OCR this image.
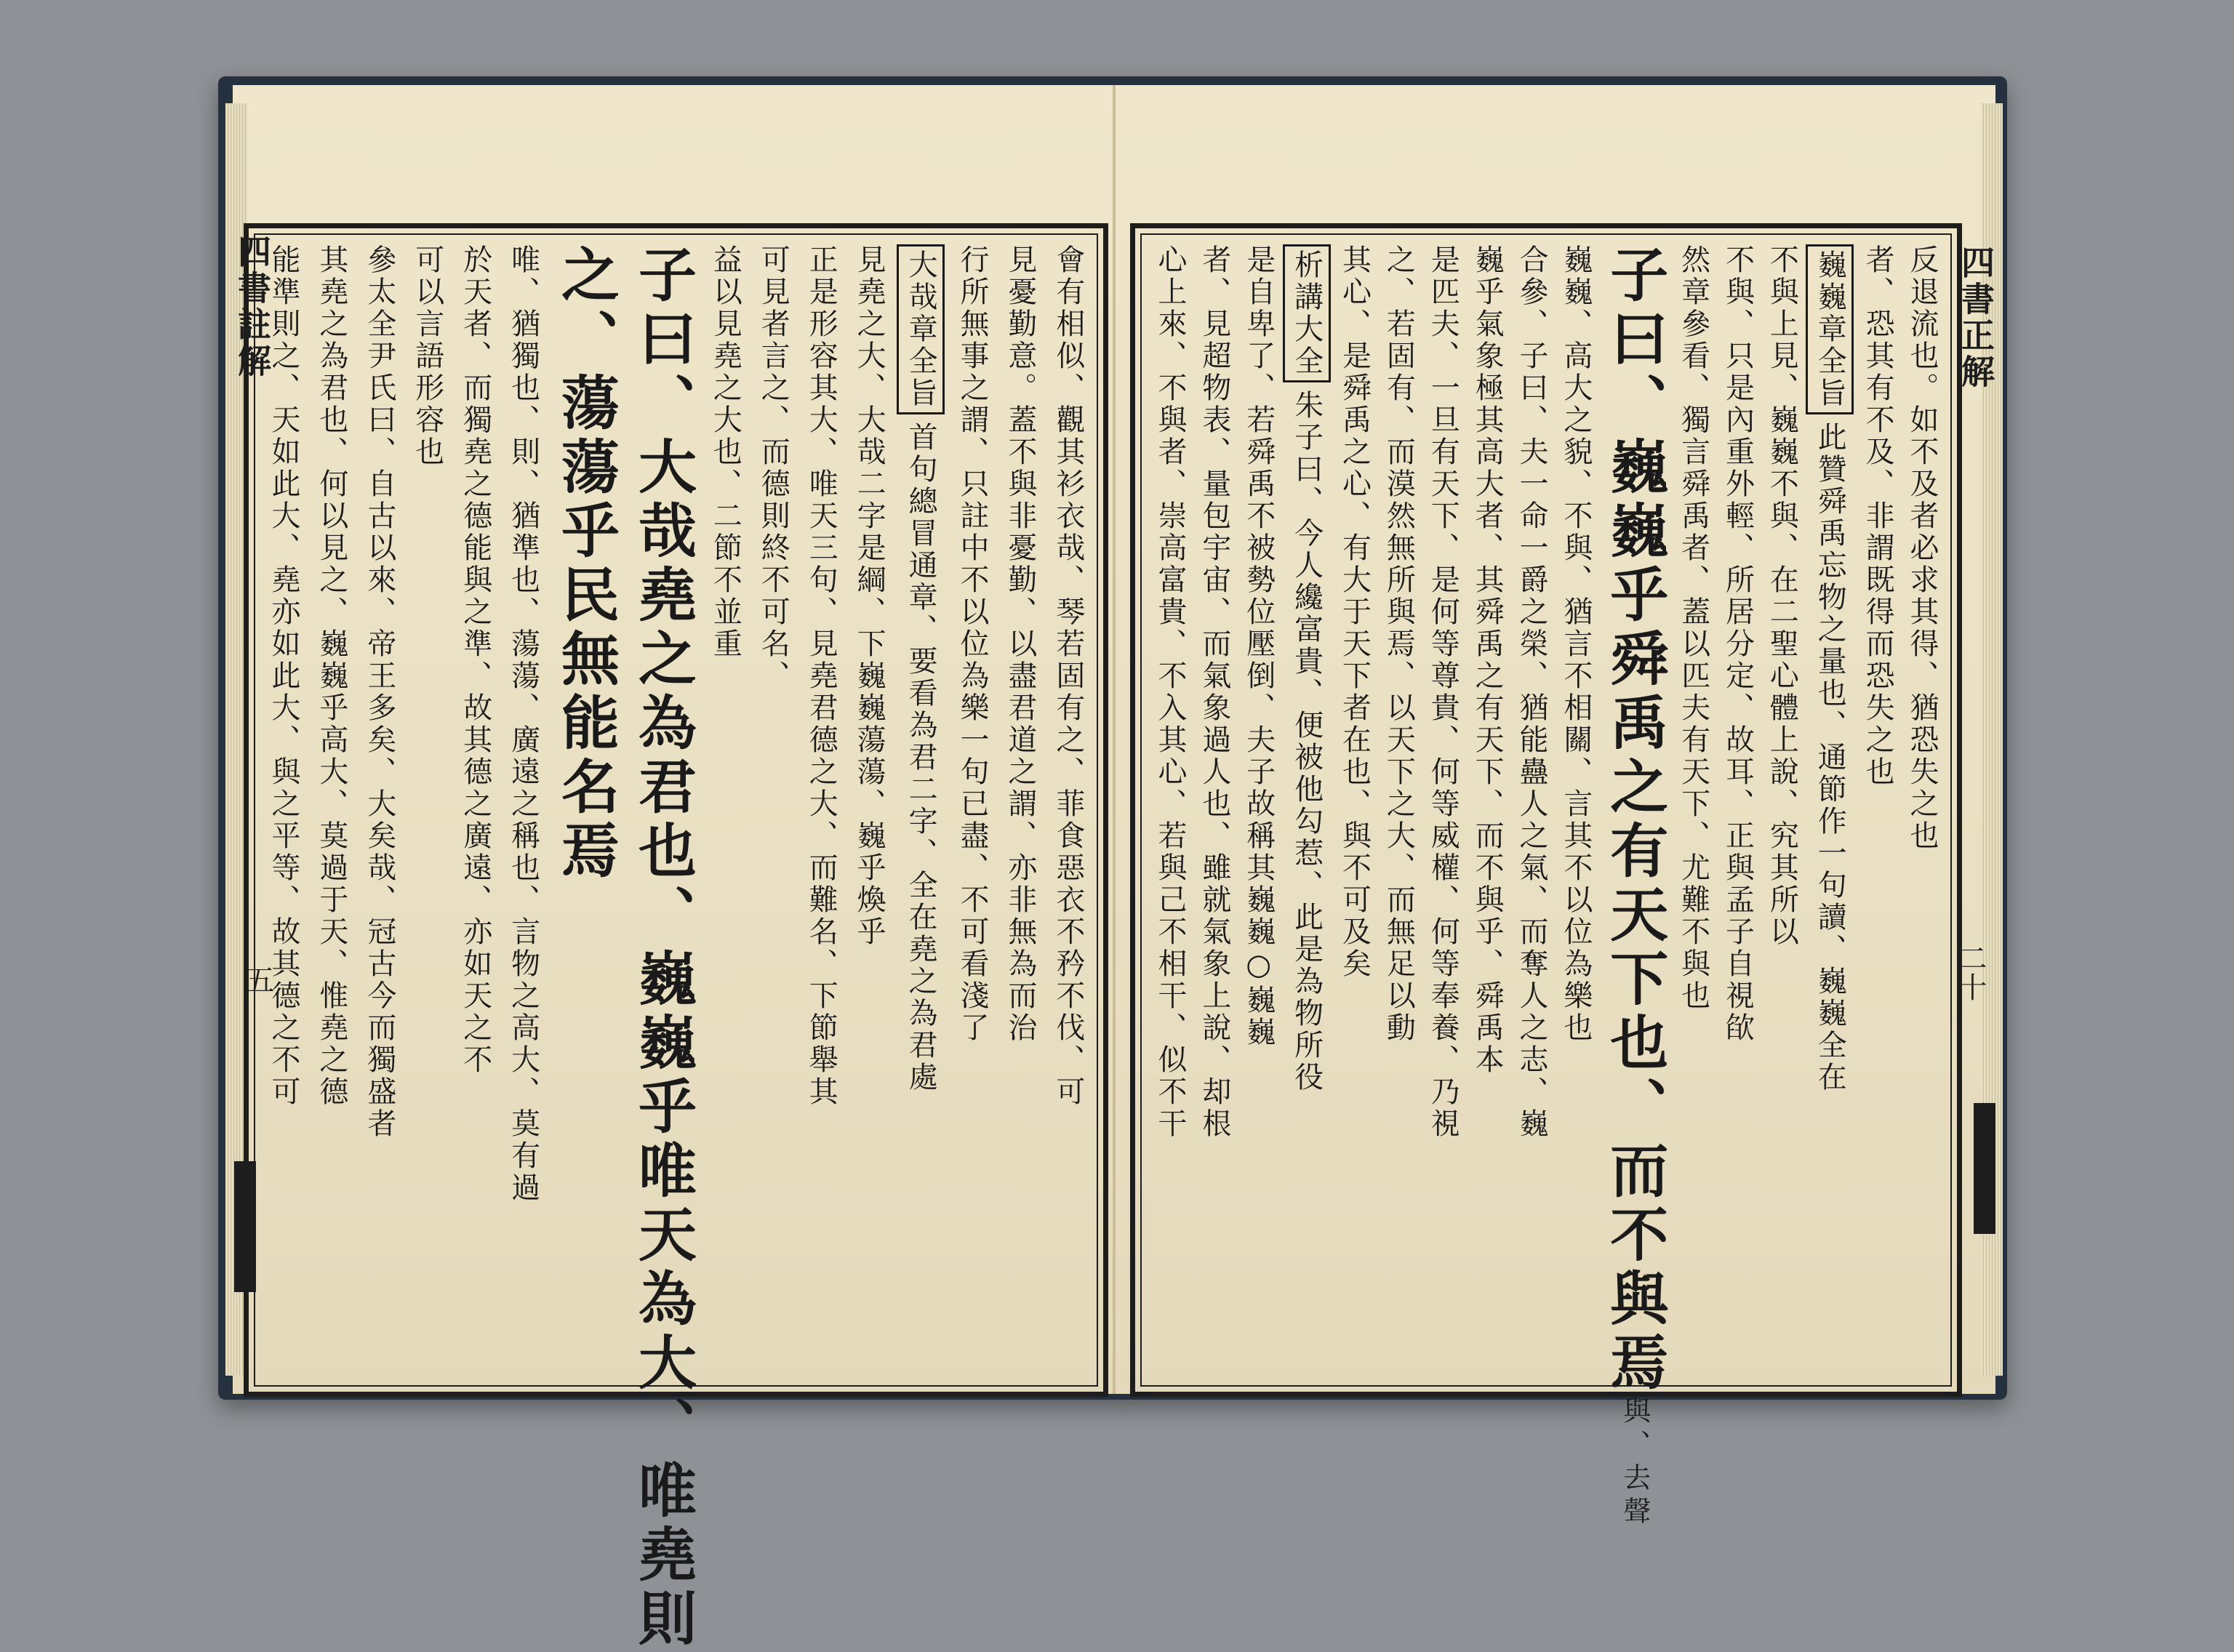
四書註解
五	會有相似、觀其衫衣哉、琴若固有之、菲食惡衣不矜不伐、可
見憂勤意。蓋不與非憂勤、以盡君道之謂、亦非無為而治
行所無事之謂、只註中不以位為樂一句已盡、不可看淺了
大哉章全旨首句總冒通章、要看為君二字、全在堯之為君處
見堯之大、大哉二字是綱、下巍巍蕩蕩、巍乎煥乎
正是形容其大、唯天三句、見堯君德之大、而難名、下節舉其
可見者言之、而德則終不可名、
益以見堯之大也、二節不並重
子曰、大哉堯之為君也、巍巍乎唯天為大、唯堯則
之、蕩蕩乎民無能名焉
唯、猶獨也、則、猶準也、蕩蕩、廣遠之稱也、言物之高大、莫有過
於天者、而獨堯之德能與之準、故其德之廣遠、亦如天之不
可以言語形容也
參太全尹氏曰、自古以來、帝王多矣、大矣哉、冠古今而獨盛者
其堯之為君也、何以見之、巍巍乎高大、莫過于天、惟堯之德
能準則之、天如此大、堯亦如此大、與之平等、故其德之不可	四書正解
二十
反退流也。如不及者必求其得、猶恐失之也
者、恐其有不及、非謂既得而恐失之也
巍巍章全旨此贊舜禹忘物之量也、通節作一句讀、巍巍全在
不與上見、巍巍不與、在二聖心體上說、究其所以
不與、只是內重外輕、所居分定、故耳、正與孟子自視欿
然章參看、獨言舜禹者、蓋以匹夫有天下、尤難不與也
子曰、巍巍乎舜禹之有天下也、而不與焉與、去聲
巍巍、高大之貌、不與、猶言不相關、言其不以位為樂也
合參、子曰、夫一命一爵之榮、猶能蠱人之氣、而奪人之志、巍
巍乎氣象極其高大者、其舜禹之有天下、而不與乎、舜禹本
是匹夫、一旦有天下、是何等尊貴、何等威權、何等奉養、乃視
之、若固有、而漠然無所與焉、以天下之大、而無足以動
其心、是舜禹之心、有大于天下者在也、與不可及矣
析講大全朱子曰、今人纔富貴、便被他勾惹、此是為物所役
是自卑了、若舜禹不被勢位壓倒、夫子故稱其巍巍○巍巍
者、見超物表、量包宇宙、而氣象過人也、雖就氣象上說、却根
心上來、不與者、崇高富貴、不入其心、若與己不相干、似不干
